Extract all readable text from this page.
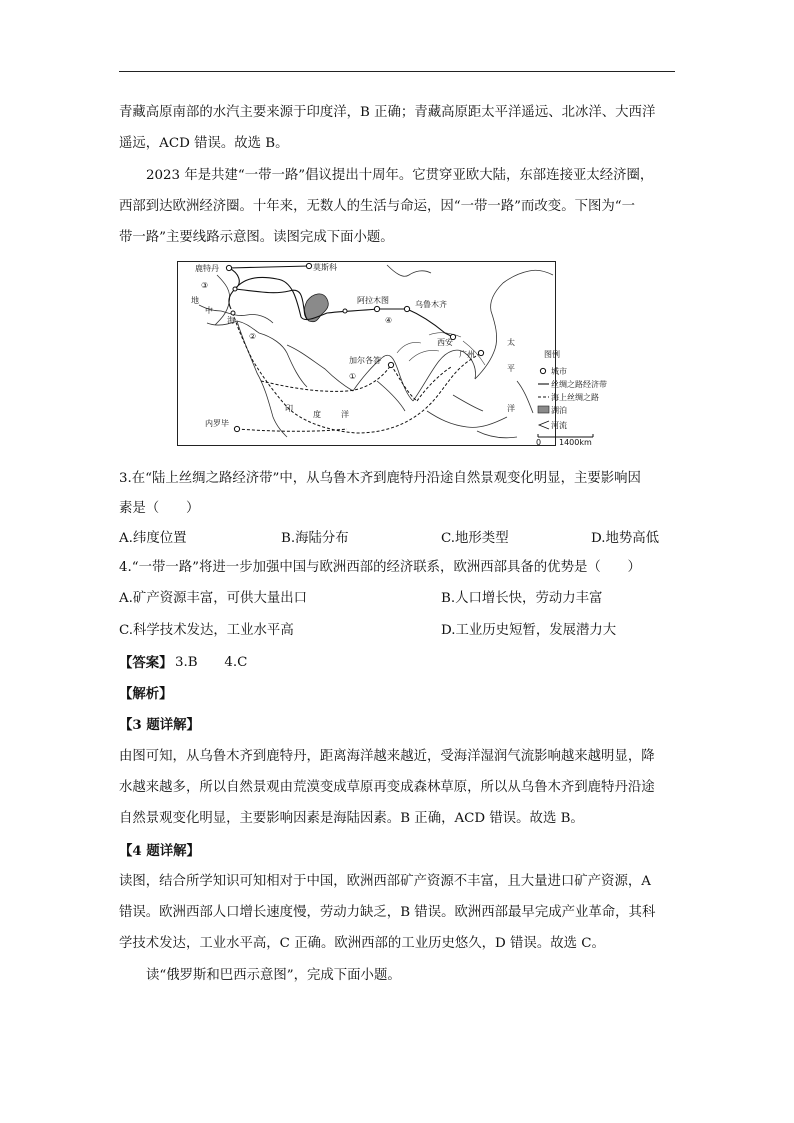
青藏高原南部的水汽主要来源于印度洋，B 正确；青藏高原距太平洋遥远、北冰洋、大西洋
遥远，ACD 错误。故选 B。
2023 年是共建“一带一路”倡议提出十周年。它贯穿亚欧大陆，东部连接亚太经济圈，
西部到达欧洲经济圈。十年来，无数人的生活与命运，因“一带一路”而改变。下图为“一
带一路”主要线路示意图。读图完成下面小题。
鹿特丹	莫斯科
阿拉木图	乌鲁木齐
西安
广州
加尔各答
内罗毕
地
中
海
印
度	洋
太
平
洋
③
②
④
①
图例
城市
丝绸之路经济带
海上丝绸之路
湖泊
河流
0 1400km
3.在“陆上丝绸之路经济带”中，从乌鲁木齐到鹿特丹沿途自然景观变化明显，主要影响因
素是（　　）
A.纬度位置	B.海陆分布	C.地形类型	D.地势高低
4.“一带一路”将进一步加强中国与欧洲西部的经济联系，欧洲西部具备的优势是（　　）
A.矿产资源丰富，可供大量出口	B.人口增长快，劳动力丰富
C.科学技术发达，工业水平高	D.工业历史短暂，发展潜力大
【答案】 3.B　　4.C
【解析】
【3 题详解】
由图可知，从乌鲁木齐到鹿特丹，距离海洋越来越近，受海洋湿润气流影响越来越明显，降
水越来越多，所以自然景观由荒漠变成草原再变成森林草原，所以从乌鲁木齐到鹿特丹沿途
自然景观变化明显，主要影响因素是海陆因素。B 正确，ACD 错误。故选 B。
【4 题详解】
读图，结合所学知识可知相对于中国，欧洲西部矿产资源不丰富，且大量进口矿产资源，A
错误。欧洲西部人口增长速度慢，劳动力缺乏，B 错误。欧洲西部最早完成产业革命，其科
学技术发达，工业水平高，C 正确。欧洲西部的工业历史悠久，D 错误。故选 C。
读“俄罗斯和巴西示意图”，完成下面小题。
